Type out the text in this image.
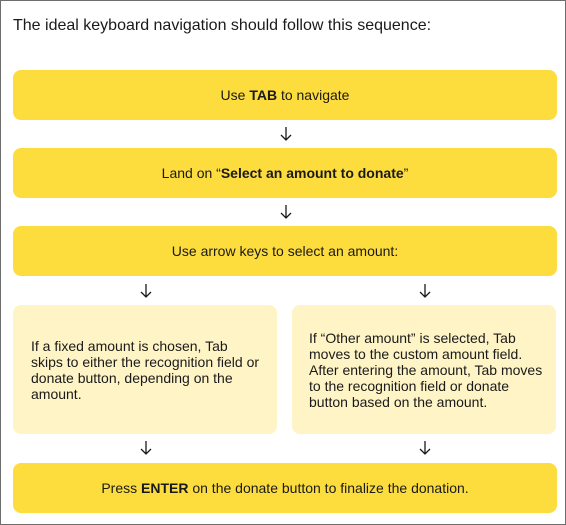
The ideal keyboard navigation should follow this sequence:
Use TAB to navigate
Land on “Select an amount to donate”
Use arrow keys to select an amount:
If a fixed amount is chosen, Tab skips to either the recognition field or donate button, depending on the amount.
If “Other amount” is selected, Tab moves to the custom amount field. After entering the amount, Tab moves to the recognition field or donate button based on the amount.
Press ENTER on the donate button to finalize the donation.
